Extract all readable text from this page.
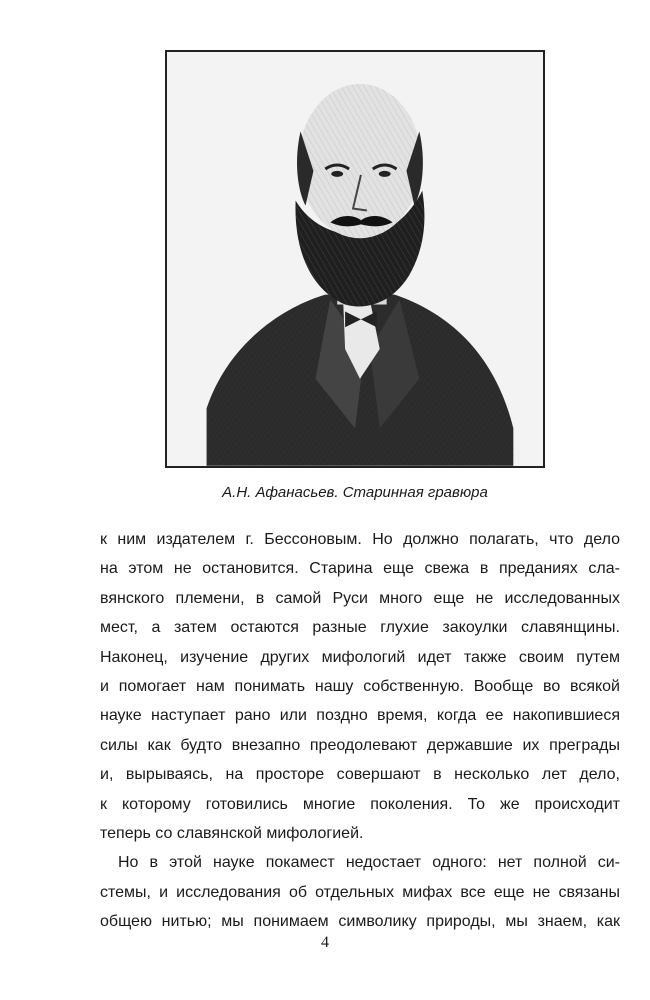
А.Н. Афанасьев. Старинная гравюра
к ним издателем г. Бессоновым. Но должно полагать, что дело
на этом не остановится. Старина еще свежа в преданиях сла-
вянского племени, в самой Руси много еще не исследованных
мест, а затем остаются разные глухие закоулки славянщины.
Наконец, изучение других мифологий идет также своим путем
и помогает нам понимать нашу собственную. Вообще во всякой
науке наступает рано или поздно время, когда ее накопившиеся
силы как будто внезапно преодолевают державшие их преграды
и, вырываясь, на просторе совершают в несколько лет дело,
к которому готовились многие поколения. То же происходит
теперь со славянской мифологией.
Но в этой науке покамест недостает одного: нет полной си-
стемы, и исследования об отдельных мифах все еще не связаны
общею нитью; мы понимаем символику природы, мы знаем, как
4
